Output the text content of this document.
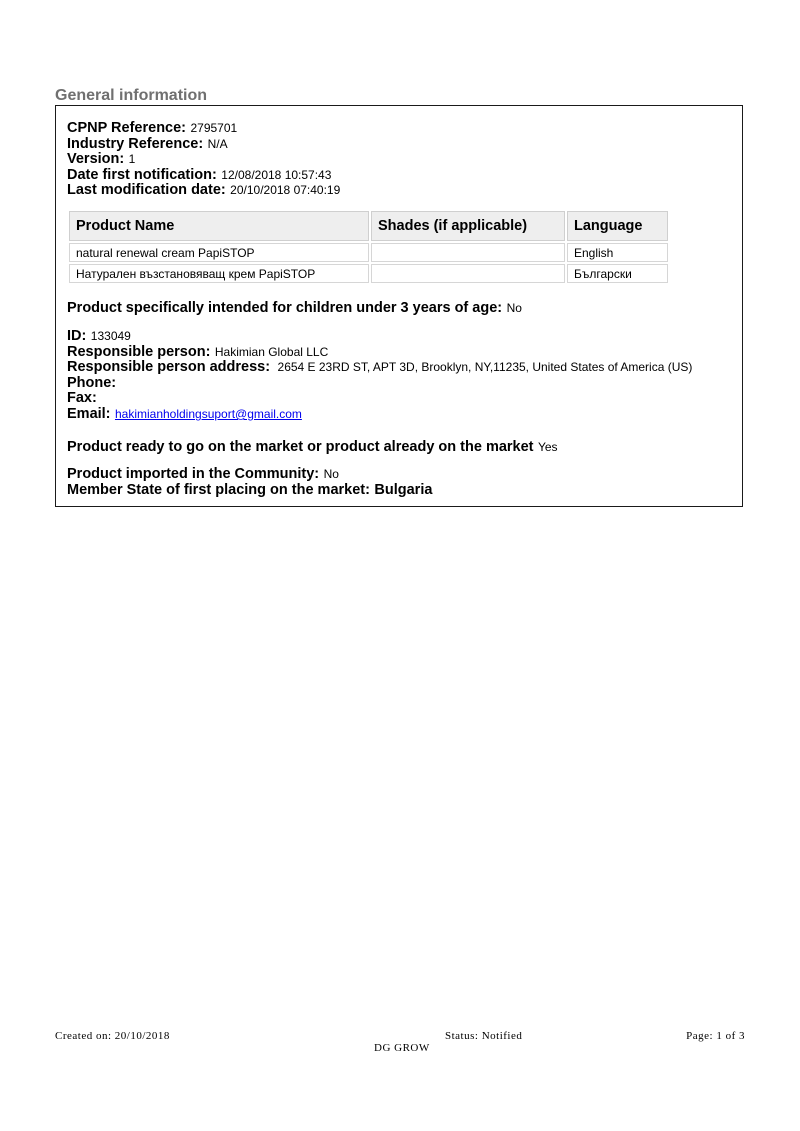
General information
CPNP Reference: 2795701
Industry Reference: N/A
Version: 1
Date first notification: 12/08/2018 10:57:43
Last modification date: 20/10/2018 07:40:19
Product Name	Shades (if applicable)	Language
natural renewal cream PapiSTOP		English
Натурален възстановяващ крем PapiSTOP		Български
Product specifically intended for children under 3 years of age: No
ID: 133049
Responsible person: Hakimian Global LLC
Responsible person address: 2654 E 23RD ST, APT 3D, Brooklyn, NY,11235, United States of America (US)
Phone:
Fax:
Email: hakimianholdingsuport@gmail.com
Product ready to go on the market or product already on the market Yes
Product imported in the Community: No
Member State of first placing on the market: Bulgaria
Created on: 20/10/2018	Status: Notified
DG GROW
Page: 1 of 3
